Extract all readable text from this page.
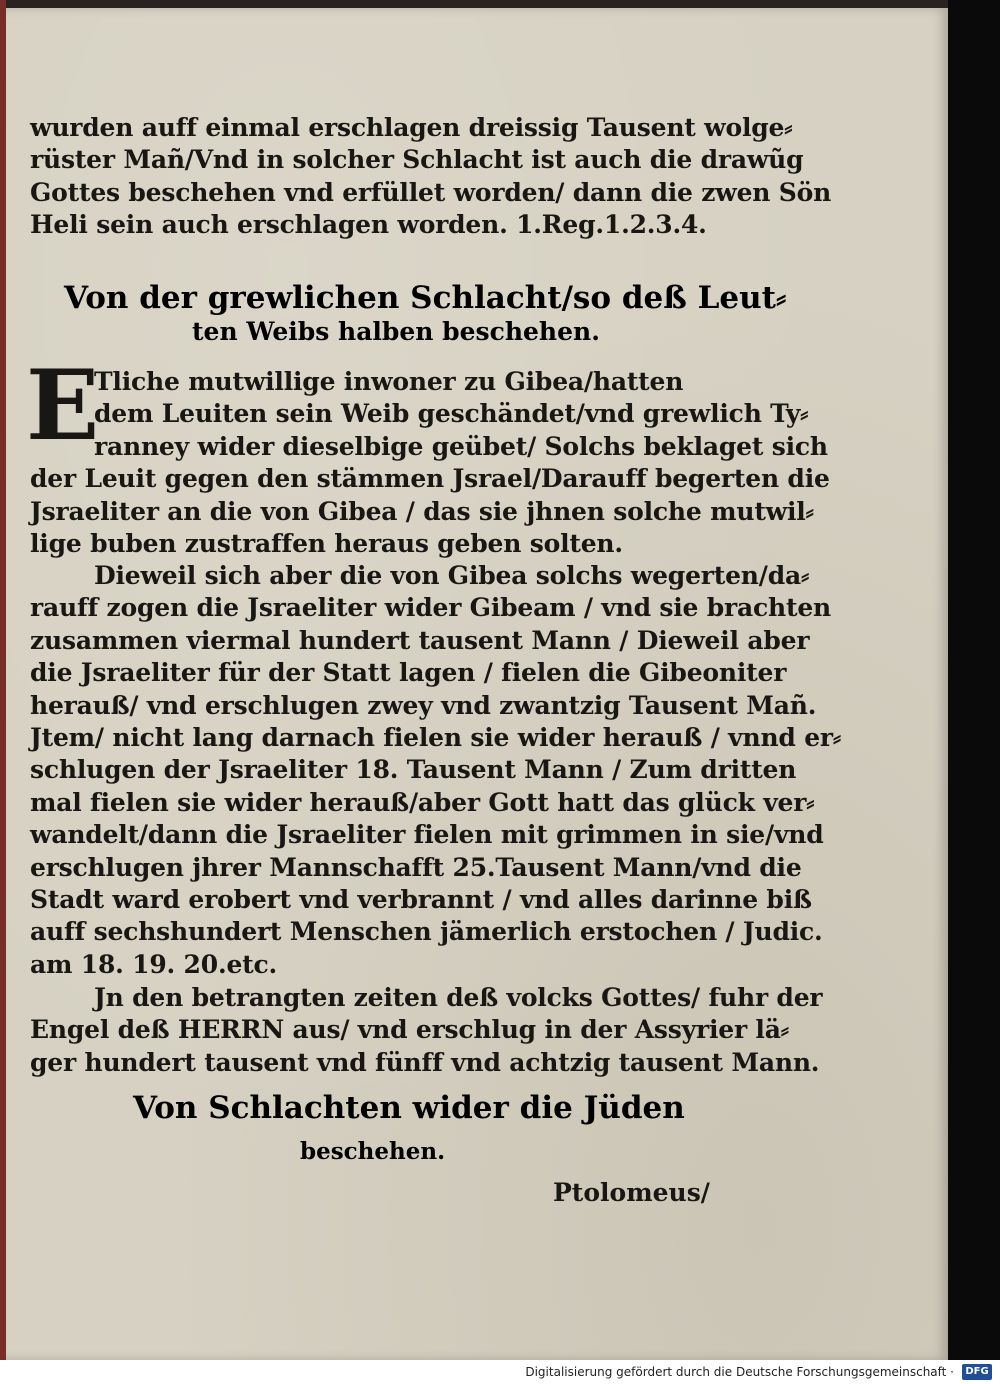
wurden auff einmal erschlagen dreissig Tausent wolge⸗
rüster Mañ/Vnd in solcher Schlacht ist auch die drawũg
Gottes beschehen vnd erfüllet worden/ dann die zwen Sön
Heli sein auch erschlagen worden. 1.Reg.1.2.3.4.
Von der grewlichen Schlacht/so deß Leut⸗
ten Weibs halben beschehen.
E
Tliche mutwillige inwoner zu Gibea/hatten
dem Leuiten sein Weib geschändet/vnd grewlich Ty⸗
ranney wider dieselbige geübet/ Solchs beklaget sich
der Leuit gegen den stämmen Jsrael/Darauff begerten die
Jsraeliter an die von Gibea / das sie jhnen solche mutwil⸗
lige buben zustraffen heraus geben solten.
Dieweil sich aber die von Gibea solchs wegerten/da⸗
rauff zogen die Jsraeliter wider Gibeam / vnd sie brachten
zusammen viermal hundert tausent Mann / Dieweil aber
die Jsraeliter für der Statt lagen / fielen die Gibeoniter
herauß/ vnd erschlugen zwey vnd zwantzig Tausent Mañ.
Jtem/ nicht lang darnach fielen sie wider herauß / vnnd er⸗
schlugen der Jsraeliter 18. Tausent Mann / Zum dritten
mal fielen sie wider herauß/aber Gott hatt das glück ver⸗
wandelt/dann die Jsraeliter fielen mit grimmen in sie/vnd
erschlugen jhrer Mannschafft 25.Tausent Mann/vnd die
Stadt ward erobert vnd verbrannt / vnd alles darinne biß
auff sechshundert Menschen jämerlich erstochen / Judic.
am 18. 19. 20.etc.
Jn den betrangten zeiten deß volcks Gottes/ fuhr der
Engel deß HERRN aus/ vnd erschlug in der Assyrier lä⸗
ger hundert tausent vnd fünff vnd achtzig tausent Mann.
Von Schlachten wider die Jüden
beschehen.
Ptolomeus/
Digitalisierung gefördert durch die Deutsche Forschungsgemeinschaft ·	DFG
